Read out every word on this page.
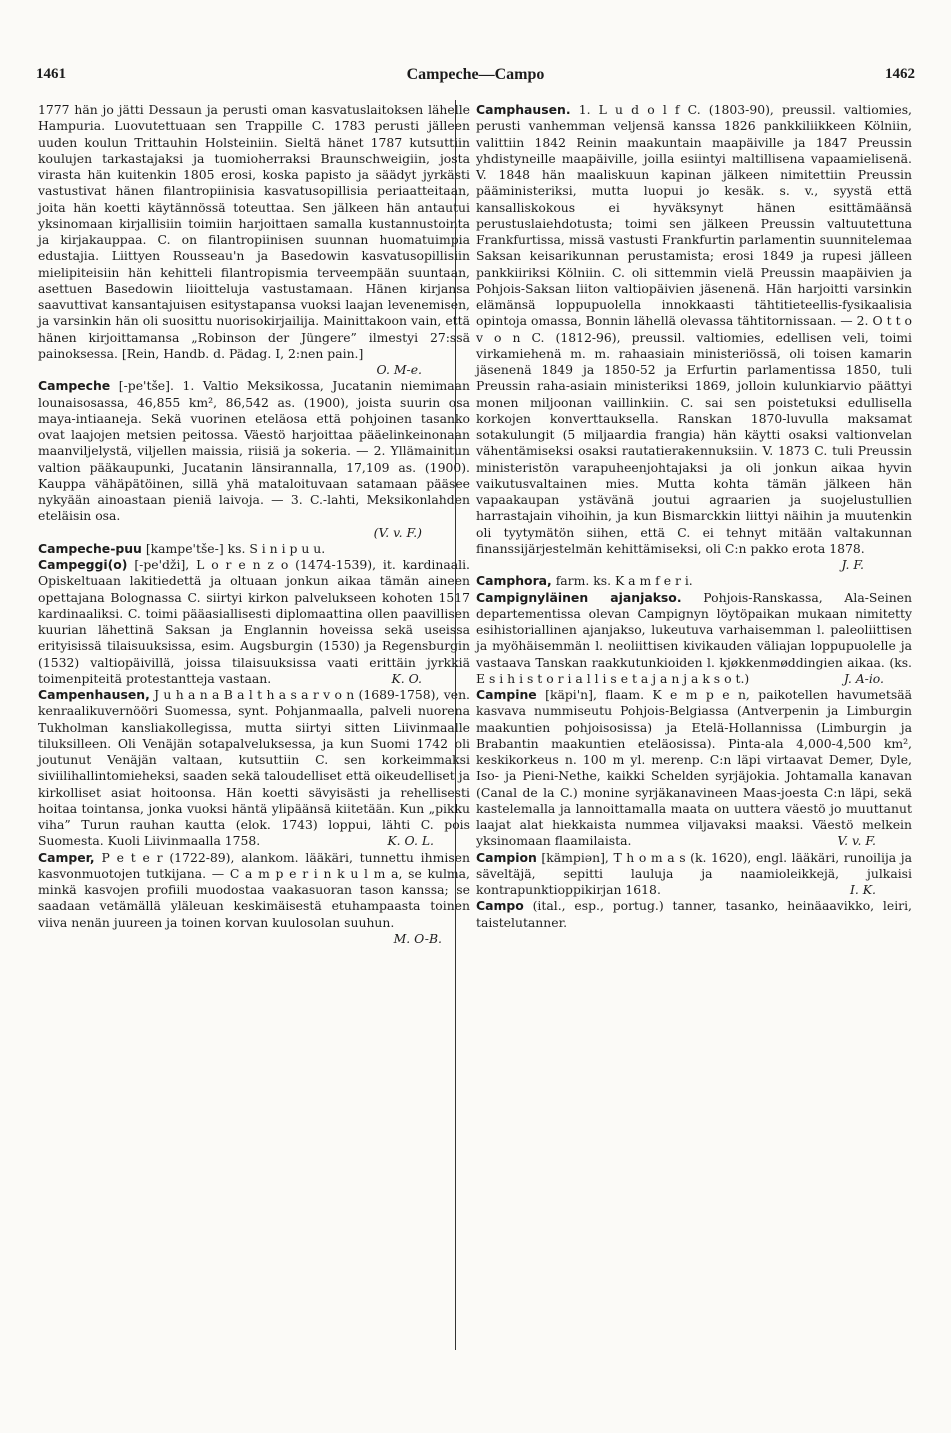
1461	Campeche—Campo	1462

1777 hän jo jätti Dessaun ja perusti oman kasvatuslaitoksen lähelle Hampuria. Luovutettuaan sen Trappille C. 1783 perusti jälleen uuden koulun Trittauhin Holsteiniin. Sieltä hänet 1787 kutsuttiin koulujen tarkastajaksi ja tuomioherraksi Braunschweigiin, josta virasta hän kuitenkin 1805 erosi, koska papisto ja säädyt jyrkästi vastustivat hänen filantropiinisia kasvatusopillisia periaatteitaan, joita hän koetti käytännössä toteuttaa. Sen jälkeen hän antautui yksinomaan kirjallisiin toimiin harjoittaen samalla kustannustointa ja kirjakauppaa. C. on filantropiinisen suunnan huomatuimpia edustajia. Liittyen Rousseau'n ja Basedowin kasvatusopillisiin mielipiteisiin hän kehitteli filantropismia terveempään suuntaan, asettuen Basedowin liioitteluja vastustamaan. Hänen kirjansa saavuttivat kansantajuisen esitystapansa vuoksi laajan levenemisen, ja varsinkin hän oli suosittu nuorisokirjailija. Mainittakoon vain, että hänen kirjoittamansa „Robinson der Jüngere” ilmestyi 27:ssä painoksessa. [Rein, Handb. d. Pädag. I, 2:nen pain.]
O. M-e.

Campeche [-pe'tše]. 1. Valtio Meksikossa, Jucatanin niemimaan lounaisosassa, 46,855 km², 86,542 as. (1900), joista suurin osa maya-intiaaneja. Sekä vuorinen eteläosa että pohjoinen tasanko ovat laajojen metsien peitossa. Väestö harjoittaa pääelinkeinonaan maanviljelystä, viljellen maissia, riisiä ja sokeria. — 2. Yllämainitun valtion pääkaupunki, Jucatanin länsirannalla, 17,109 as. (1900). Kauppa vähäpätöinen, sillä yhä mataloituvaan satamaan pääsee nykyään ainoastaan pieniä laivoja. — 3. C.-lahti, Meksikonlahden eteläisin osa.
(V. v. F.)

Campeche-puu [kampe'tše-] ks. S i n i p u u.

Campeggi(o) [-pe'dži], L o r e n z o (1474-1539), it. kardinaali. Opiskeltuaan lakitiedettä ja oltuaan jonkun aikaa tämän aineen opettajana Bolognassa C. siirtyi kirkon palvelukseen kohoten 1517 kardinaaliksi. C. toimi pääasiallisesti diplomaattina ollen paavillisen kuurian lähettinä Saksan ja Englannin hoveissa sekä useissa erityisissä tilaisuuksissa, esim. Augsburgin (1530) ja Regensburgin (1532) valtiopäivillä, joissa tilaisuuksissa vaati erittäin jyrkkiä toimenpiteitä protestantteja vastaan.	K. O.

Campenhausen, J u h a n a B a l t h a s a r v o n (1689-1758), ven. kenraalikuvernööri Suomessa, synt. Pohjanmaalla, palveli nuorena Tukholman kansliakollegissa, mutta siirtyi sitten Liivinmaalle tiluksilleen. Oli Venäjän sotapalveluksessa, ja kun Suomi 1742 oli joutunut Venäjän valtaan, kutsuttiin C. sen korkeimmaksi siviilihallintomieheksi, saaden sekä taloudelliset että oikeudelliset ja kirkolliset asiat hoitoonsa. Hän koetti sävyisästi ja rehellisesti hoitaa tointansa, jonka vuoksi häntä ylipäänsä kiitetään. Kun „pikku viha” Turun rauhan kautta (elok. 1743) loppui, lähti C. pois Suomesta. Kuoli Liivinmaalla 1758.	K. O. L.

Camper, P e t e r (1722-89), alankom. lääkäri, tunnettu ihmisen kasvonmuotojen tutkijana. — C a m p e r i n k u l m a, se kulma, minkä kasvojen profiili muodostaa vaakasuoran tason kanssa; se saadaan vetämällä yläleuan keskimäisestä etuhampaasta toinen viiva nenän juureen ja toinen korvan kuulosolan suuhun.
M. O-B.

Camphausen. 1. L u d o l f C. (1803-90), preussil. valtiomies, perusti vanhemman veljensä kanssa 1826 pankkiliikkeen Kölniin, valittiin 1842 Reinin maakuntain maapäiville ja 1847 Preussin yhdistyneille maapäiville, joilla esiintyi maltillisena vapaamielisenä. V. 1848 hän maaliskuun kapinan jälkeen nimitettiin Preussin pääministeriksi, mutta luopui jo kesäk. s. v., syystä että kansalliskokous ei hyväksynyt hänen esittämäänsä perustuslaiehdotusta; toimi sen jälkeen Preussin valtuutettuna Frankfurtissa, missä vastusti Frankfurtin parlamentin suunnitelemaa Saksan keisarikunnan perustamista; erosi 1849 ja rupesi jälleen pankkiiriksi Kölniin. C. oli sittemmin vielä Preussin maapäivien ja Pohjois-Saksan liiton valtiopäivien jäsenenä. Hän harjoitti varsinkin elämänsä loppupuolella innokkaasti tähtitieteellis-fysikaalisia opintoja omassa, Bonnin lähellä olevassa tähtitornissaan. — 2. O t t o v o n C. (1812-96), preussil. valtiomies, edellisen veli, toimi virkamiehenä m. m. rahaasiain ministeriössä, oli toisen kamarin jäsenenä 1849 ja 1850-52 ja Erfurtin parlamentissa 1850, tuli Preussin raha-asiain ministeriksi 1869, jolloin kulunkiarvio päättyi monen miljoonan vaillinkiin. C. sai sen poistetuksi edullisella korkojen konverttauksella. Ranskan 1870-luvulla maksamat sotakulungit (5 miljaardia frangia) hän käytti osaksi valtionvelan vähentämiseksi osaksi rautatierakennuksiin. V. 1873 C. tuli Preussin ministeristön varapuheenjohtajaksi ja oli jonkun aikaa hyvin vaikutusvaltainen mies. Mutta kohta tämän jälkeen hän vapaakaupan ystävänä joutui agraarien ja suojelustullien harrastajain vihoihin, ja kun Bismarckkin liittyi näihin ja muutenkin oli tyytymätön siihen, että C. ei tehnyt mitään valtakunnan finanssijärjestelmän kehittämiseksi, oli C:n pakko erota 1878.
J. F.

Camphora, farm. ks. K a m f e r i.

Campignyläinen ajanjakso. Pohjois-Ranskassa, Ala-Seinen departementissa olevan Campignyn löytöpaikan mukaan nimitetty esihistoriallinen ajanjakso, lukeutuva varhaisemman l. paleoliittisen ja myöhäisemmän l. neoliittisen kivikauden väliajan loppupuolelle ja vastaava Tanskan raakkutunkioiden l. kjøkkenmøddingien aikaa. (ks. E s i h i s t o r i a l l i s e t a j a n j a k s o t.)	J. A-io.

Campine [käpi'n], flaam. K e m p e n, paikotellen havumetsää kasvava nummiseutu Pohjois-Belgiassa (Antverpenin ja Limburgin maakuntien pohjoisosissa) ja Etelä-Hollannissa (Limburgin ja Brabantin maakuntien eteläosissa). Pinta-ala 4,000-4,500 km², keskikorkeus n. 100 m yl. merenp. C:n läpi virtaavat Demer, Dyle, Iso- ja Pieni-Nethe, kaikki Schelden syrjäjokia. Johtamalla kanavan (Canal de la C.) monine syrjäkanavineen Maas-joesta C:n läpi, sekä kastelemalla ja lannoittamalla maata on uuttera väestö jo muuttanut laajat alat hiekkaista nummea viljavaksi maaksi. Väestö melkein yksinomaan flaamilaista.	V. v. F.

Campion [kämpiən], T h o m a s (k. 1620), engl. lääkäri, runoilija ja säveltäjä, sepitti laulujа ja naamioleikkejä, julkaisi kontrapunktioppikirjan 1618.	I. K.

Campo (ital., esp., portug.) tanner, tasanko, heinäaavikko, leiri, taistelutanner.
